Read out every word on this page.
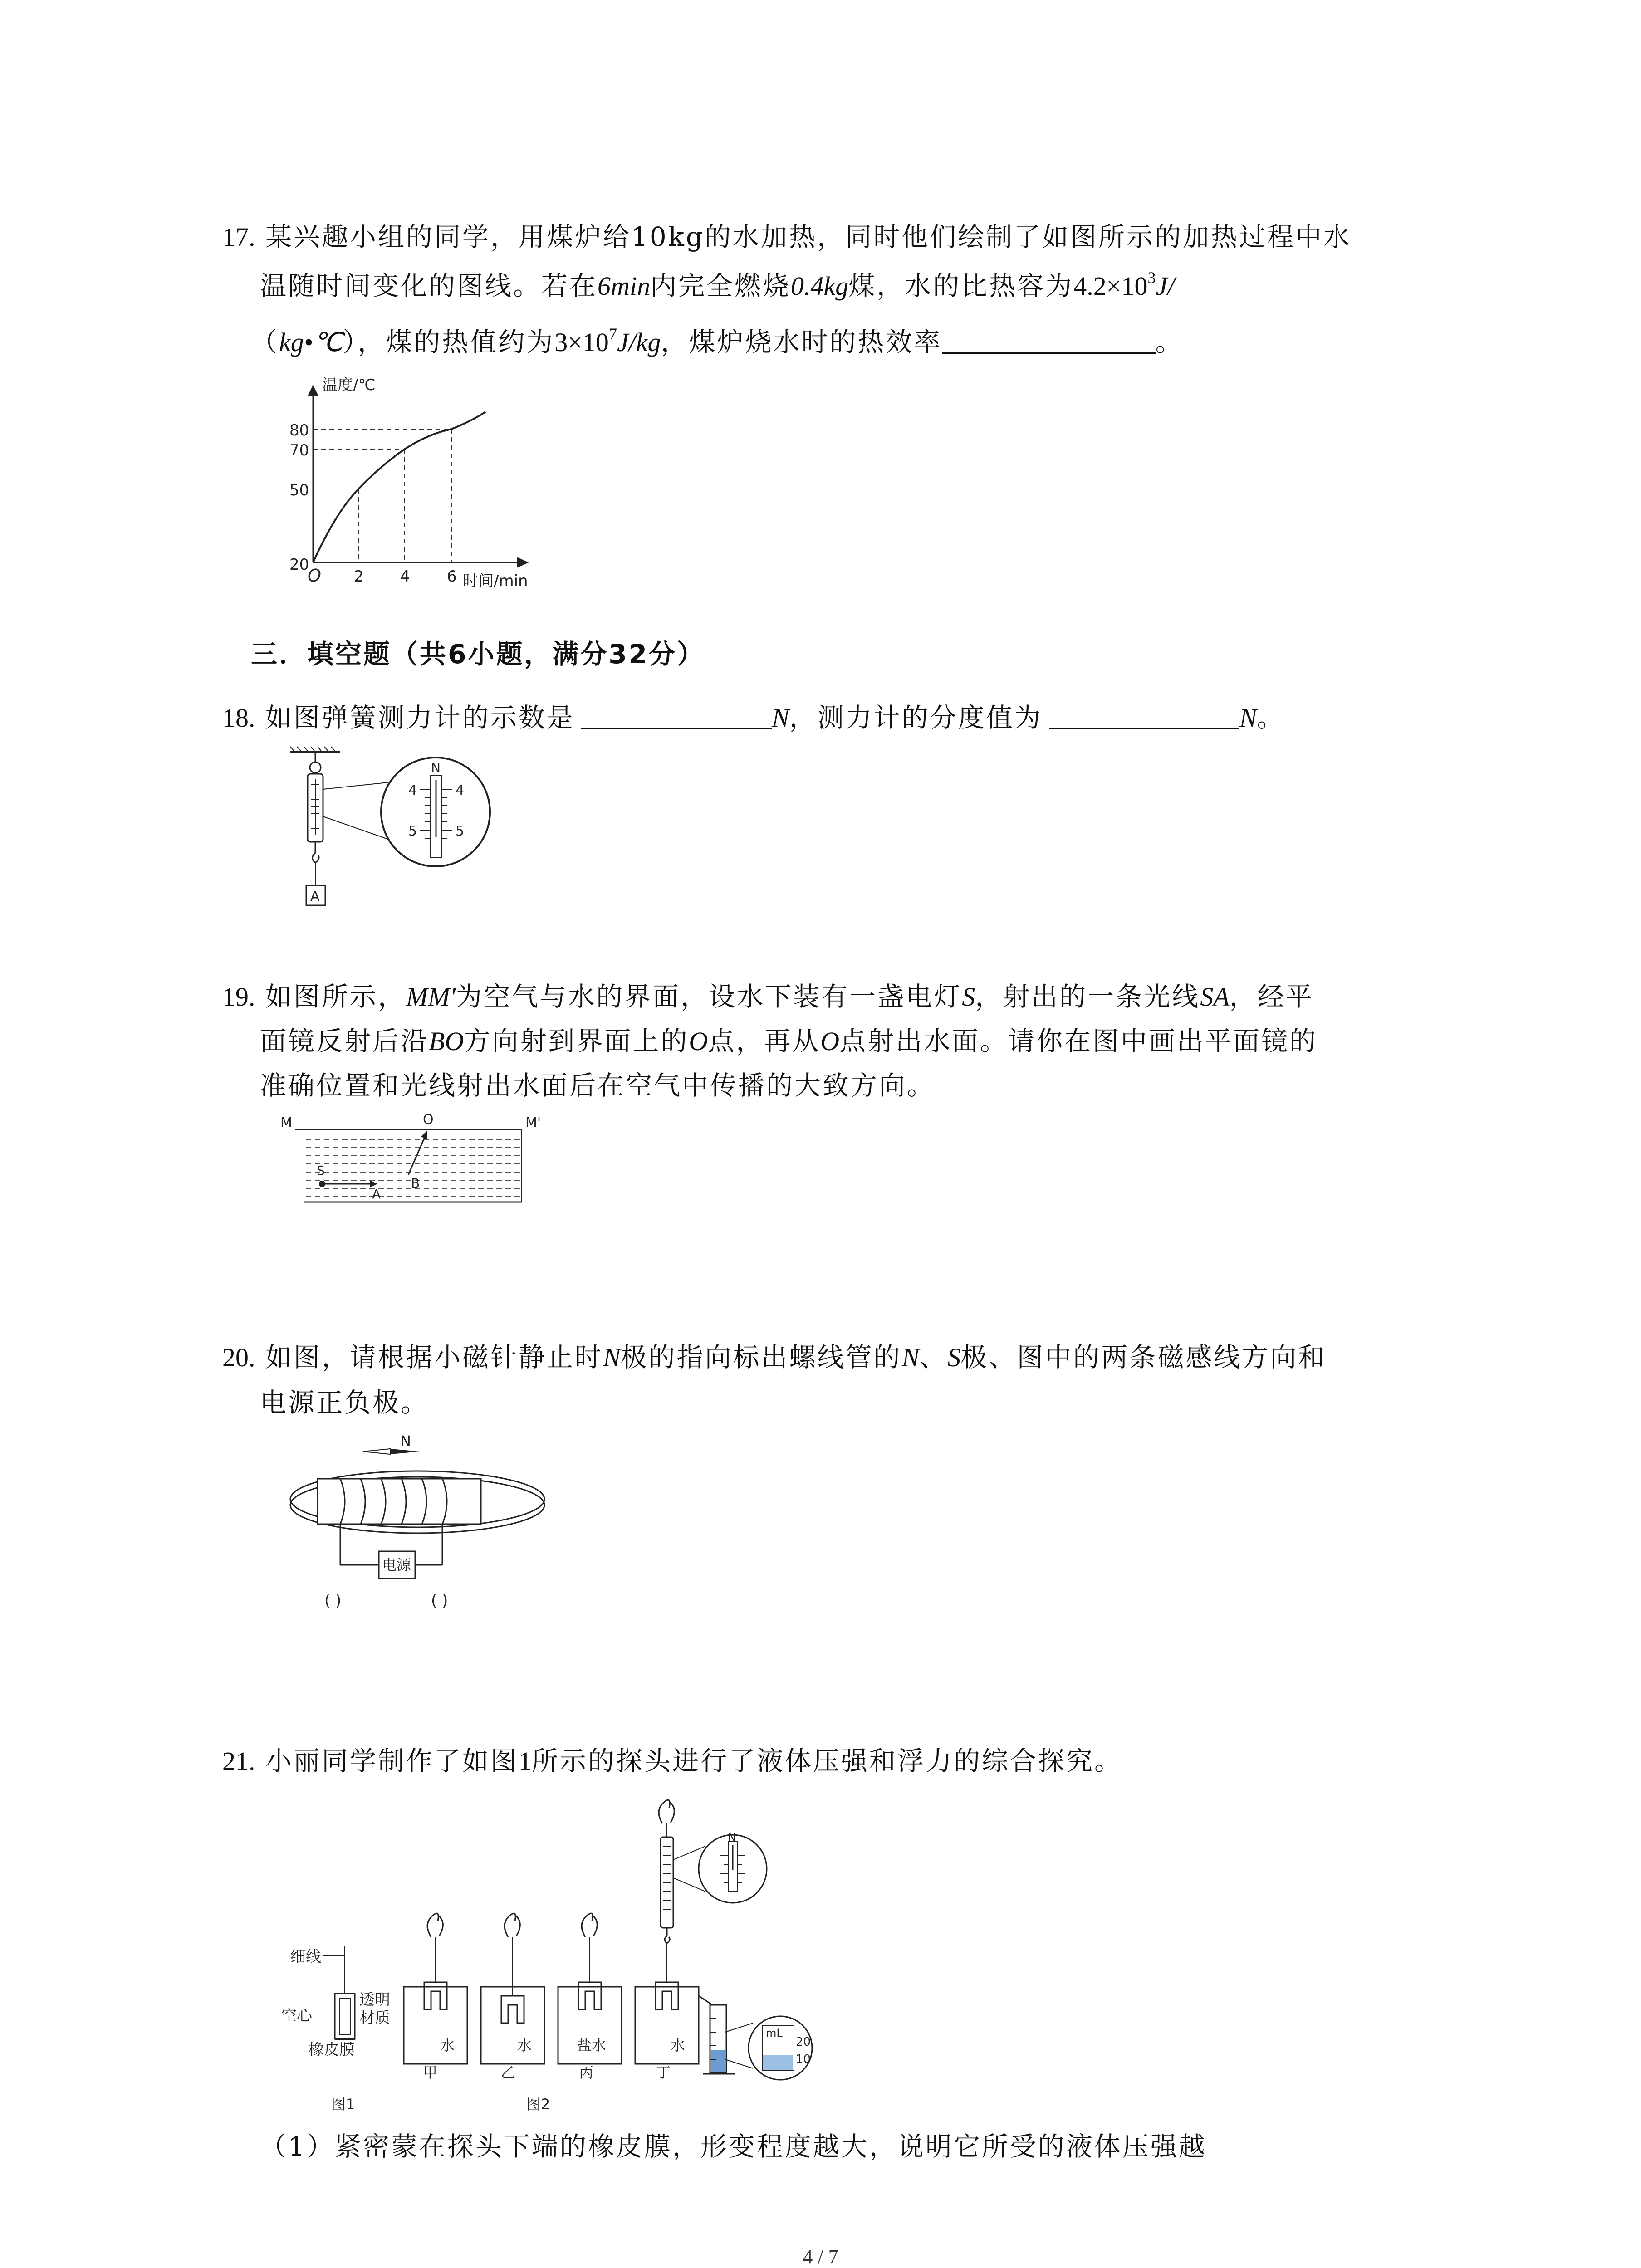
17. 某兴趣小组的同学，用煤炉给10kg的水加热，同时他们绘制了如图所示的加热过程中水
温随时间变化的图线。若在6min内完全燃烧0.4kg煤，水的比热容为$4.2\times 10^3J/$
（kg•℃），煤的热值约为$3\times 10^7J/kg$，煤炉烧水时的热效率	。
温度/℃
时间/min
O
20
50
70
80
2 4 6
三．填空题（共6小题，满分32分）
18. 如图弹簧测力计的示数是	N，测力计的分度值为	N。
A
N
4	4
5	5
19. 如图所示，MM′为空气与水的界面，设水下装有一盏电灯S，射出的一条光线SA，经平
面镜反射后沿BO方向射到界面上的O点，再从O点射出水面。请你在图中画出平面镜的
准确位置和光线射出水面后在空气中传播的大致方向。
M	M'
O
S
A
B
20. 如图，请根据小磁针静止时N极的指向标出螺线管的N、S极、图中的两条磁感线方向和
电源正负极。
N
电源
( )	( )
21. 小丽同学制作了如图1所示的探头进行了液体压强和浮力的综合探究。
细线
空心
透明
材质
橡皮膜
图1
水
甲
水
乙
盐水
丙
N
水
丁
mL
20
10
图2
（1）紧密蒙在探头下端的橡皮膜，形变程度越大，说明它所受的液体压强越
4 / 7
